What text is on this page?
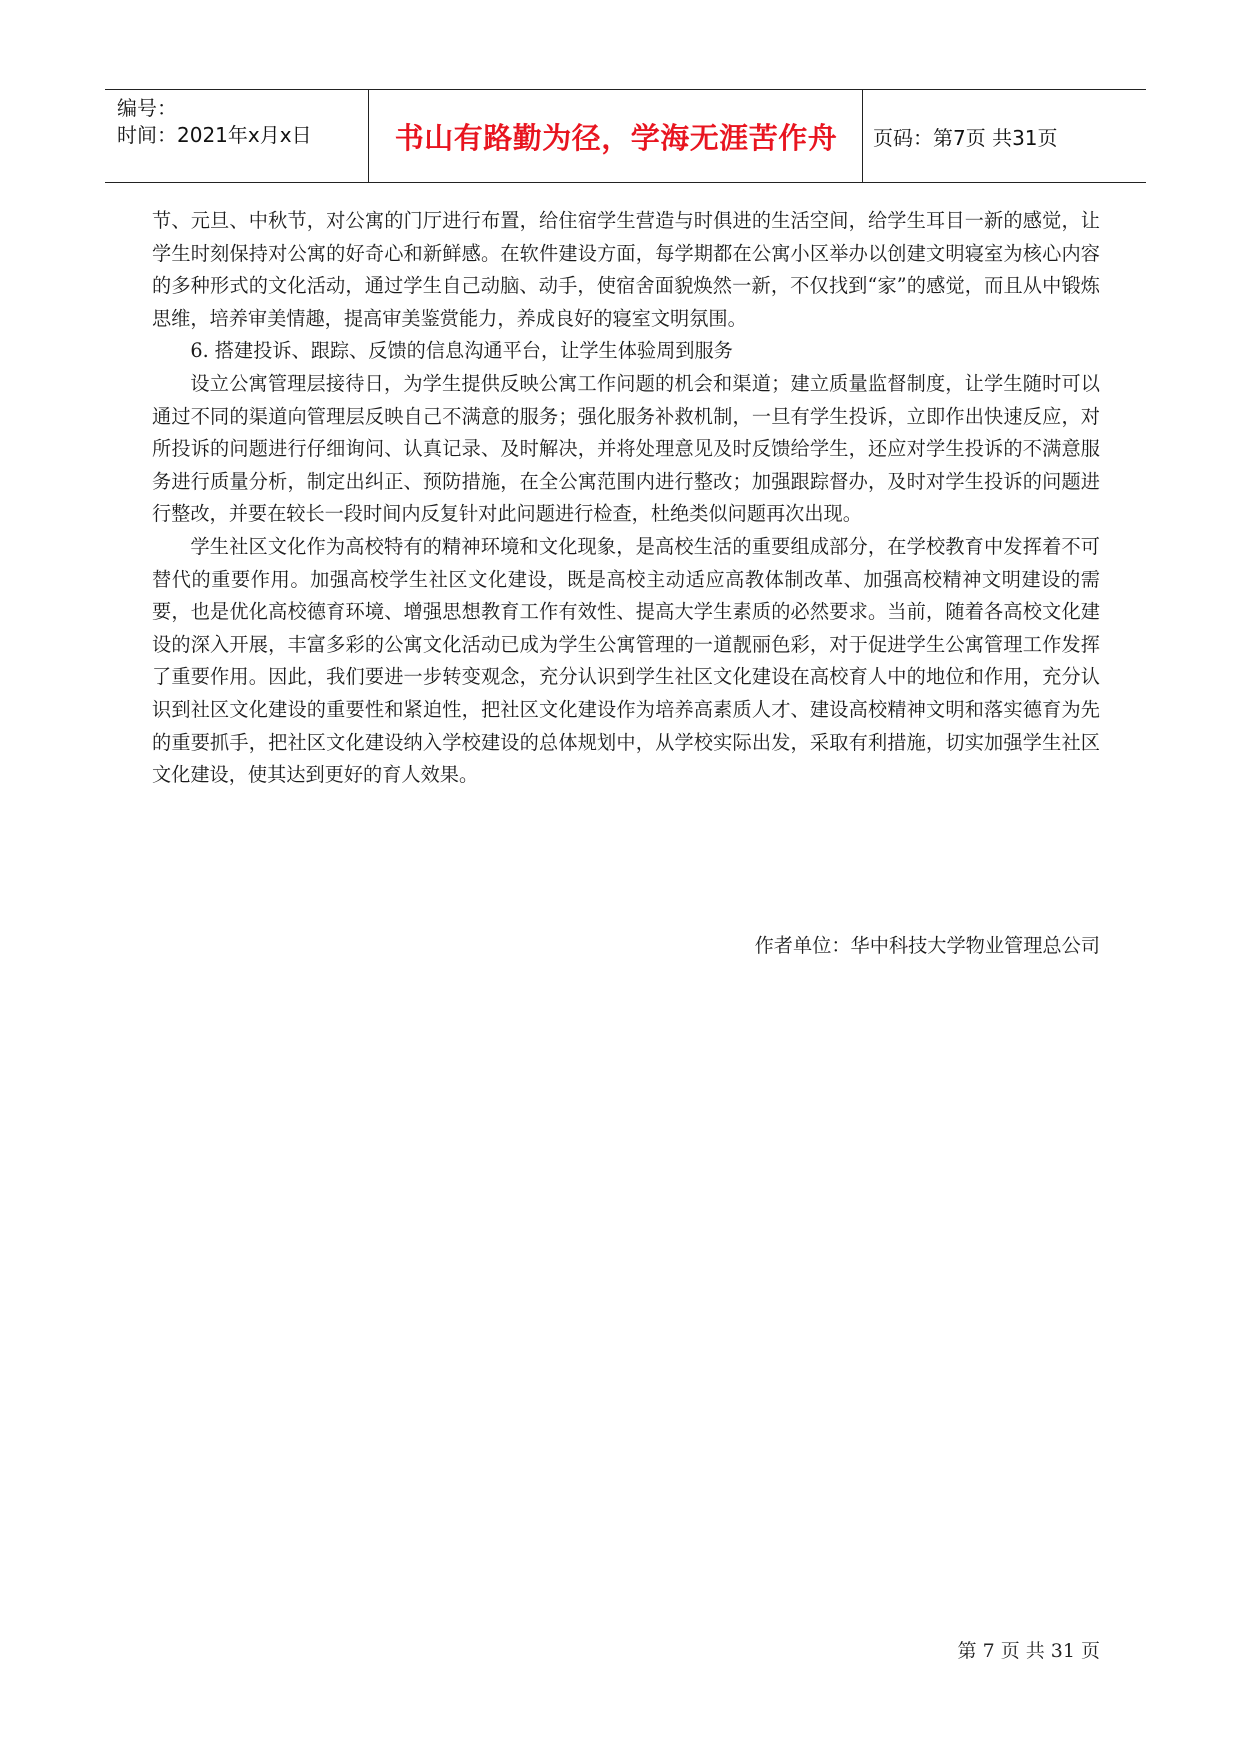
编号：
时间：2021年x月x日	书山有路勤为径，学海无涯苦作舟	页码：第7页 共31页

节、元旦、中秋节，对公寓的门厅进行布置，给住宿学生营造与时俱进的生活空间，给学生耳目一新的感觉，让学生时刻保持对公寓的好奇心和新鲜感。在软件建设方面，每学期都在公寓小区举办以创建文明寝室为核心内容的多种形式的文化活动，通过学生自己动脑、动手，使宿舍面貌焕然一新，不仅找到“家”的感觉，而且从中锻炼思维，培养审美情趣，提高审美鉴赏能力，养成良好的寝室文明氛围。

6. 搭建投诉、跟踪、反馈的信息沟通平台，让学生体验周到服务

设立公寓管理层接待日，为学生提供反映公寓工作问题的机会和渠道；建立质量监督制度，让学生随时可以通过不同的渠道向管理层反映自己不满意的服务；强化服务补救机制，一旦有学生投诉，立即作出快速反应，对所投诉的问题进行仔细询问、认真记录、及时解决，并将处理意见及时反馈给学生，还应对学生投诉的不满意服务进行质量分析，制定出纠正、预防措施，在全公寓范围内进行整改；加强跟踪督办，及时对学生投诉的问题进行整改，并要在较长一段时间内反复针对此问题进行检查，杜绝类似问题再次出现。

学生社区文化作为高校特有的精神环境和文化现象，是高校生活的重要组成部分，在学校教育中发挥着不可替代的重要作用。加强高校学生社区文化建设，既是高校主动适应高教体制改革、加强高校精神文明建设的需要，也是优化高校德育环境、增强思想教育工作有效性、提高大学生素质的必然要求。当前，随着各高校文化建设的深入开展，丰富多彩的公寓文化活动已成为学生公寓管理的一道靓丽色彩，对于促进学生公寓管理工作发挥了重要作用。因此，我们要进一步转变观念，充分认识到学生社区文化建设在高校育人中的地位和作用，充分认识到社区文化建设的重要性和紧迫性，把社区文化建设作为培养高素质人才、建设高校精神文明和落实德育为先的重要抓手，把社区文化建设纳入学校建设的总体规划中，从学校实际出发，采取有利措施，切实加强学生社区文化建设，使其达到更好的育人效果。

作者单位：华中科技大学物业管理总公司
第 7 页 共 31 页
